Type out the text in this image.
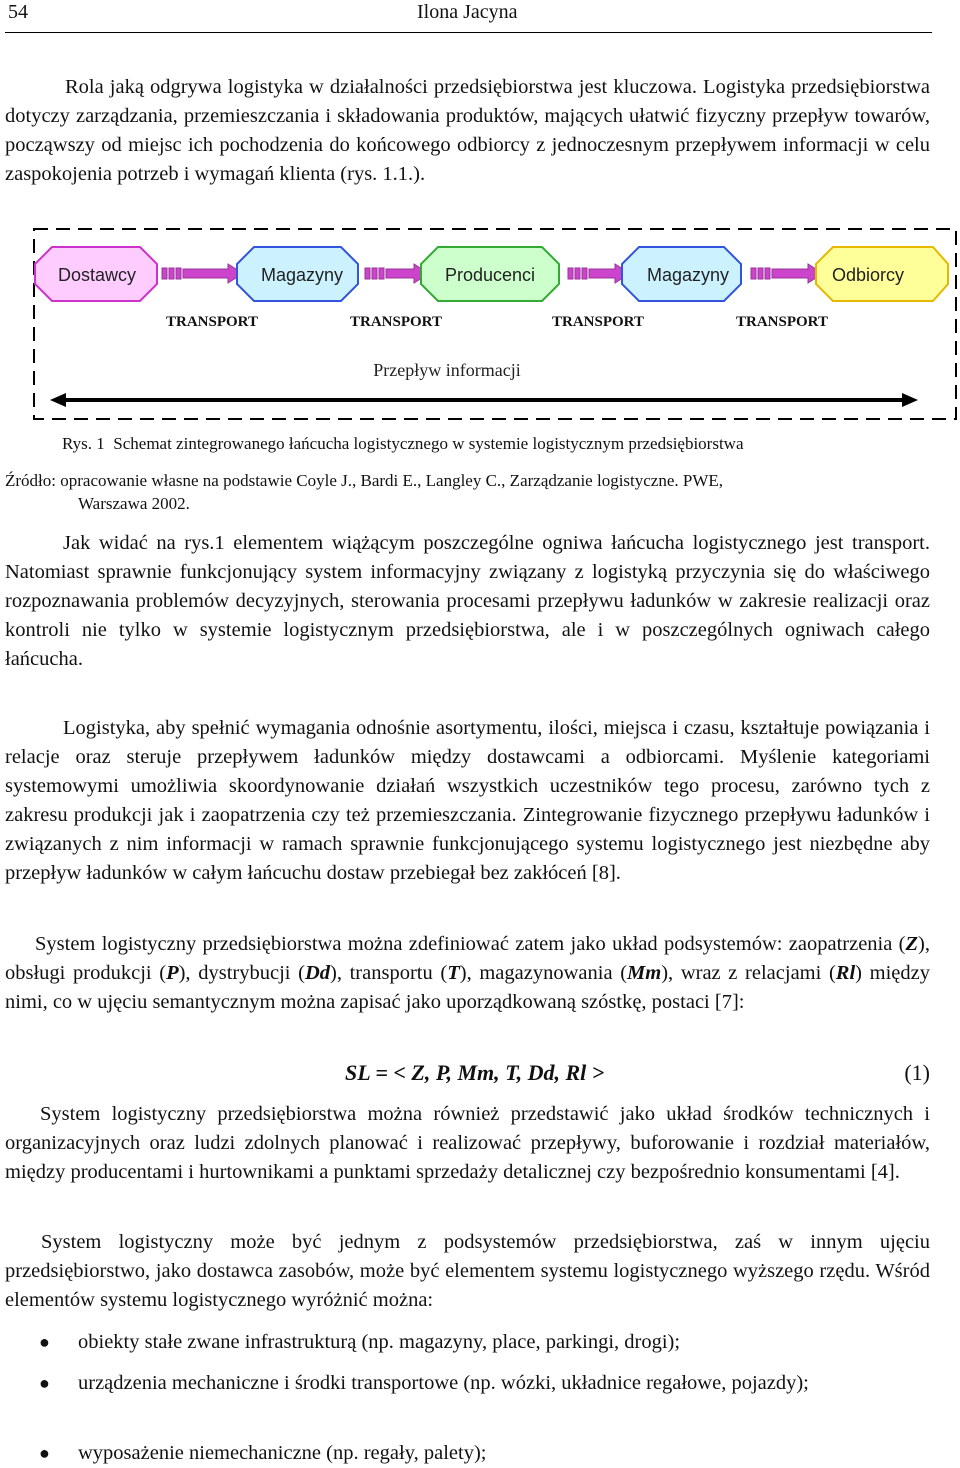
54	Ilona Jacyna

Rola jaką odgrywa logistyka w działalności przedsiębiorstwa jest kluczowa. Logistyka przedsiębiorstwa dotyczy zarządzania, przemieszczania i składowania produktów, mających ułatwić fizyczny przepływ towarów, począwszy od miejsc ich pochodzenia do końcowego odbiorcy z jednoczesnym przepływem informacji w celu zaspokojenia potrzeb i wymagań klienta (rys. 1.1.).

Dostawcy	Magazyny	Producenci	Magazyny	Odbiorcy
TRANSPORT	TRANSPORT	TRANSPORT	TRANSPORT
Przepływ informacji
Rys. 1  Schemat zintegrowanego łańcucha logistycznego w systemie logistycznym przedsiębiorstwa
Źródło: opracowanie własne na podstawie Coyle J., Bardi E., Langley C., Zarządzanie logistyczne. PWE,
Warszawa 2002.

Jak widać na rys.1 elementem wiążącym poszczególne ogniwa łańcucha logistycznego jest transport. Natomiast sprawnie funkcjonujący system informacyjny związany z logistyką przyczynia się do właściwego rozpoznawania problemów decyzyjnych, sterowania procesami przepływu ładunków w zakresie realizacji oraz kontroli nie tylko w systemie logistycznym przedsiębiorstwa, ale i w poszczególnych ogniwach całego łańcucha.

Logistyka, aby spełnić wymagania odnośnie asortymentu, ilości, miejsca i czasu, kształtuje powiązania i relacje oraz steruje przepływem ładunków między dostawcami a odbiorcami. Myślenie kategoriami systemowymi umożliwia skoordynowanie działań wszystkich uczestników tego procesu, zarówno tych z zakresu produkcji jak i zaopatrzenia czy też przemieszczania. Zintegrowanie fizycznego przepływu ładunków i związanych z nim informacji w ramach sprawnie funkcjonującego systemu logistycznego jest niezbędne aby przepływ ładunków w całym łańcuchu dostaw przebiegał bez zakłóceń [8].

System logistyczny przedsiębiorstwa można zdefiniować zatem jako układ podsystemów: zaopatrzenia (Z), obsługi produkcji (P), dystrybucji (Dd), transportu (T), magazynowania (Mm), wraz z relacjami (Rl) między nimi, co w ujęciu semantycznym można zapisać jako uporządkowaną szóstkę, postaci [7]:

SL = < Z, P, Mm, T, Dd, Rl >	(1)

System logistyczny przedsiębiorstwa można również przedstawić jako układ środków technicznych i organizacyjnych oraz ludzi zdolnych planować i realizować przepływy, buforowanie i rozdział materiałów, między producentami i hurtownikami a punktami sprzedaży detalicznej czy bezpośrednio konsumentami [4].

System logistyczny może być jednym z podsystemów przedsiębiorstwa, zaś w innym ujęciu przedsiębiorstwo, jako dostawca zasobów, może być elementem systemu logistycznego wyższego rzędu. Wśród elementów systemu logistycznego wyróżnić można:

● obiekty stałe zwane infrastrukturą (np. magazyny, place, parkingi, drogi);
● urządzenia mechaniczne i środki transportowe (np. wózki, układnice regałowe, pojazdy);
● wyposażenie niemechaniczne (np. regały, palety);
